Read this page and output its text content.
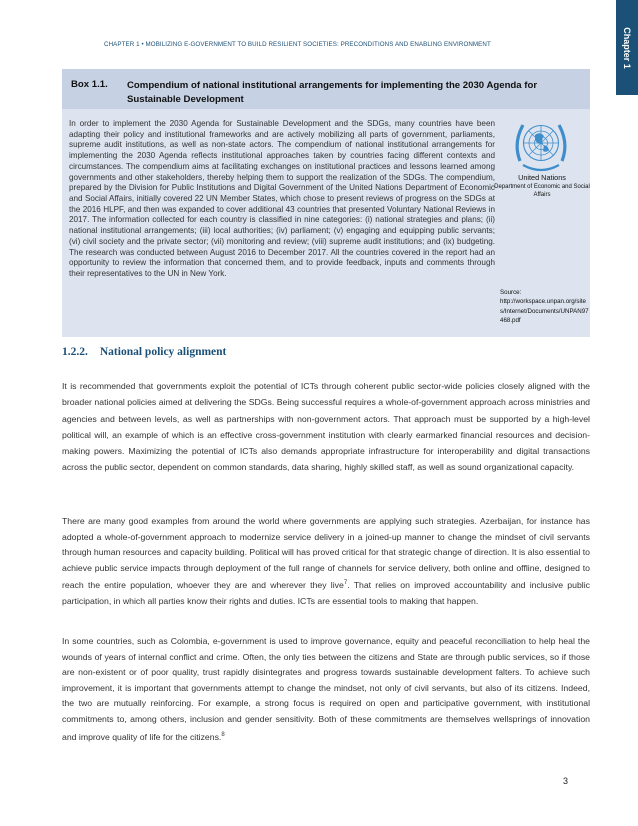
Chapter 1
CHAPTER 1 • MOBILIZING E-GOVERNMENT TO BUILD RESILIENT SOCIETIES: PRECONDITIONS AND ENABLING ENVIRONMENT
Box 1.1. Compendium of national institutional arrangements for implementing the 2030 Agenda for Sustainable Development
In order to implement the 2030 Agenda for Sustainable Development and the SDGs, many countries have been adapting their policy and institutional frameworks and are actively mobilizing all parts of government, parliaments, supreme audit institutions, as well as non-state actors. The compendium of national institutional arrangements for implementing the 2030 Agenda reflects institutional approaches taken by countries facing different contexts and circumstances. The compendium aims at facilitating exchanges on institutional practices and lessons learned among governments and other stakeholders, thereby helping them to support the realization of the SDGs. The compendium, prepared by the Division for Public Institutions and Digital Government of the United Nations Department of Economic and Social Affairs, initially covered 22 UN Member States, which chose to present reviews of progress on the SDGs at the 2016 HLPF, and then was expanded to cover additional 43 countries that presented Voluntary National Reviews in 2017. The information collected for each country is classified in nine categories: (i) national strategies and plans; (ii) national institutional arrangements; (iii) local authorities; (iv) parliament; (v) engaging and equipping public servants; (vi) civil society and the private sector; (vii) monitoring and review; (viii) supreme audit institutions; and (ix) budgeting. The research was conducted between August 2016 to December 2017. All the countries covered in the report had an opportunity to review the information that concerned them, and to provide feedback, inputs and comments through their representatives to the UN in New York.
United Nations
Department of Economic and Social Affairs
Source:
http://workspace.unpan.org/sites/Internet/Documents/UNPAN97468.pdf
1.2.2. National policy alignment
It is recommended that governments exploit the potential of ICTs through coherent public sector-wide policies closely aligned with the broader national policies aimed at delivering the SDGs. Being successful requires a whole-of-government approach across ministries and agencies and between levels, as well as partnerships with non-government actors. That approach must be supported by a high-level political will, an example of which is an effective cross-government institution with clearly earmarked financial resources and decision-making powers. Maximizing the potential of ICTs also demands appropriate infrastructure for interoperability and digital transactions across the public sector, dependent on common standards, data sharing, highly skilled staff, as well as sound organizational capacity.
There are many good examples from around the world where governments are applying such strategies. Azerbaijan, for instance has adopted a whole-of-government approach to modernize service delivery in a joined-up manner to change the mindset of civil servants through human resources and capacity building. Political will has proved critical for that strategic change of direction. It is also essential to achieve public service impacts through deployment of the full range of channels for service delivery, both online and offline, designed to reach the entire population, whoever they are and wherever they live$^7$. That relies on improved accountability and inclusive public participation, in which all parties know their rights and duties. ICTs are essential tools to making that happen.
In some countries, such as Colombia, e-government is used to improve governance, equity and peaceful reconciliation to help heal the wounds of years of internal conflict and crime. Often, the only ties between the citizens and State are through public services, so if those are non-existent or of poor quality, trust rapidly disintegrates and progress towards sustainable development falters. To achieve such improvement, it is important that governments attempt to change the mindset, not only of civil servants, but also of its citizens. Indeed, the two are mutually reinforcing. For example, a strong focus is required on open and participative government, with institutional commitments to, among others, inclusion and gender sensitivity. Both of these commitments are themselves wellsprings of innovation and improve quality of life for the citizens.$^8$
3
